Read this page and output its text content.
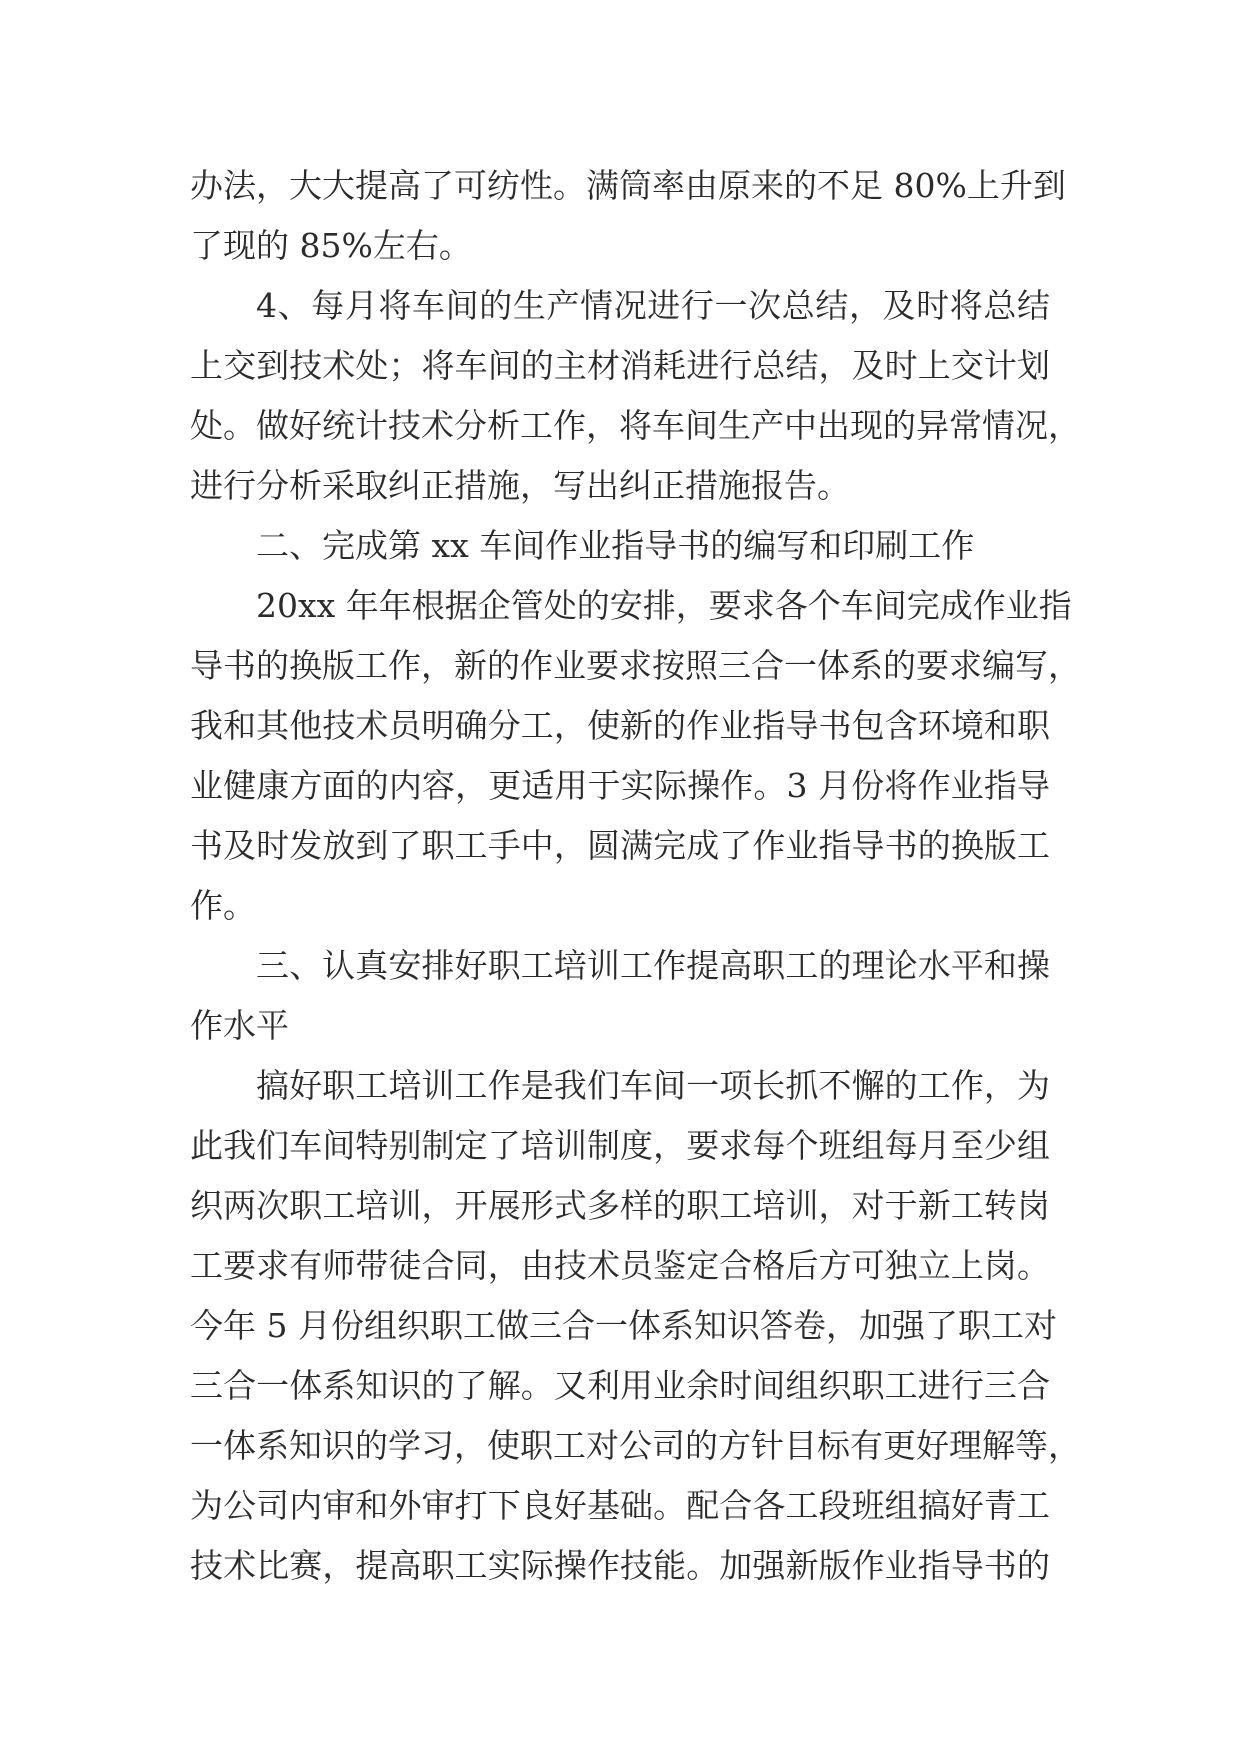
办法，大大提高了可纺性。满筒率由原来的不足 80%上升到
了现的 85%左右。
4、每月将车间的生产情况进行一次总结，及时将总结
上交到技术处；将车间的主材消耗进行总结，及时上交计划
处。做好统计技术分析工作，将车间生产中出现的异常情况，
进行分析采取纠正措施，写出纠正措施报告。
二、完成第 xx 车间作业指导书的编写和印刷工作
20xx 年年根据企管处的安排，要求各个车间完成作业指
导书的换版工作，新的作业要求按照三合一体系的要求编写，
我和其他技术员明确分工，使新的作业指导书包含环境和职
业健康方面的内容，更适用于实际操作。3 月份将作业指导
书及时发放到了职工手中，圆满完成了作业指导书的换版工
作。
三、认真安排好职工培训工作提高职工的理论水平和操
作水平
搞好职工培训工作是我们车间一项长抓不懈的工作，为
此我们车间特别制定了培训制度，要求每个班组每月至少组
织两次职工培训，开展形式多样的职工培训，对于新工转岗
工要求有师带徒合同，由技术员鉴定合格后方可独立上岗。
今年 5 月份组织职工做三合一体系知识答卷，加强了职工对
三合一体系知识的了解。又利用业余时间组织职工进行三合
一体系知识的学习，使职工对公司的方针目标有更好理解等，
为公司内审和外审打下良好基础。配合各工段班组搞好青工
技术比赛，提高职工实际操作技能。加强新版作业指导书的
